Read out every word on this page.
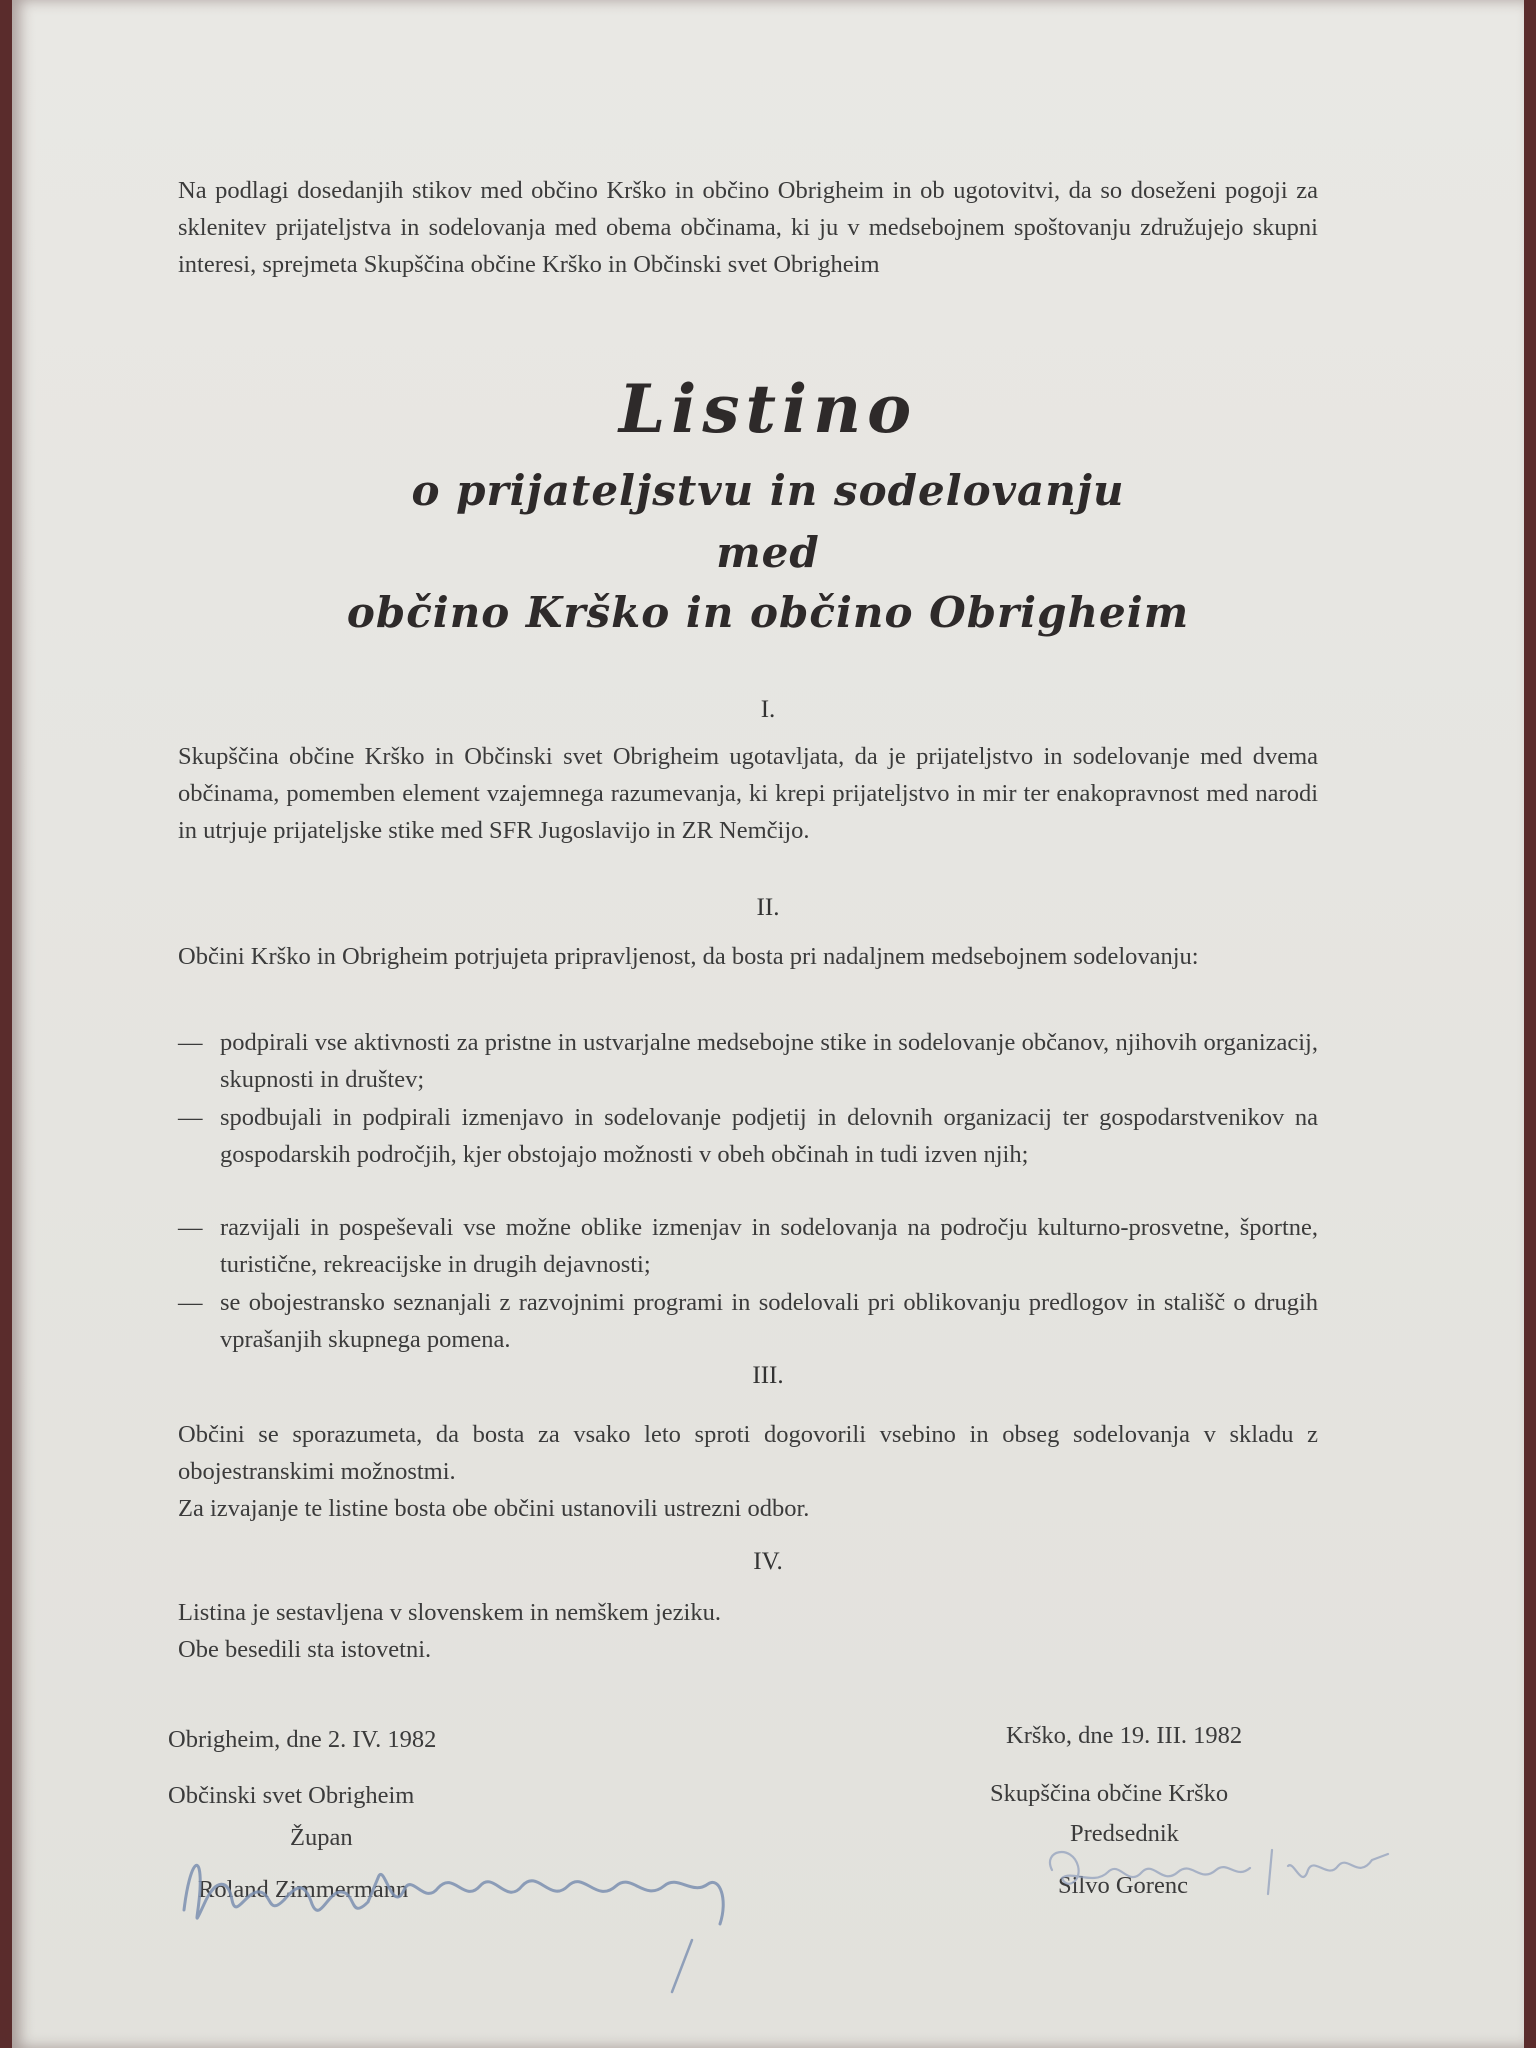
Na podlagi dosedanjih stikov med občino Krško in občino Obrigheim in ob ugotovitvi, da so doseženi pogoji za sklenitev prijateljstva in sodelovanja med obema občinama, ki ju v medsebojnem spoštovanju združujejo skupni interesi, sprejmeta Skupščina občine Krško in Občinski svet Obrigheim

Listino
o prijateljstvu in sodelovanju
med
občino Krško in občino Obrigheim
I.

Skupščina občine Krško in Občinski svet Obrigheim ugotavljata, da je prijateljstvo in sodelovanje med dvema občinama, pomemben element vzajemnega razumevanja, ki krepi prijateljstvo in mir ter enakopravnost med narodi in utrjuje prijateljske stike med SFR Jugoslavijo in ZR Nemčijo.

II.

Občini Krško in Obrigheim potrjujeta pripravljenost, da bosta pri nadaljnem medsebojnem sodelovanju:

— podpirali vse aktivnosti za pristne in ustvarjalne medsebojne stike in sodelovanje občanov, njihovih organizacij, skupnosti in društev;
— spodbujali in podpirali izmenjavo in sodelovanje podjetij in delovnih organizacij ter gospodarstvenikov na gospodarskih področjih, kjer obstojajo možnosti v obeh občinah in tudi izven njih;
— razvijali in pospeševali vse možne oblike izmenjav in sodelovanja na področju kulturno-prosvetne, športne, turistične, rekreacijske in drugih dejavnosti;
— se obojestransko seznanjali z razvojnimi programi in sodelovali pri oblikovanju predlogov in stališč o drugih vprašanjih skupnega pomena.
III.

Občini se sporazumeta, da bosta za vsako leto sproti dogovorili vsebino in obseg sodelovanja v skladu z obojestranskimi možnostmi.

Za izvajanje te listine bosta obe občini ustanovili ustrezni odbor.

IV.

Listina je sestavljena v slovenskem in nemškem jeziku.

Obe besedili sta istovetni.

Obrigheim, dne 2. IV. 1982
Občinski svet Obrigheim
Župan
Roland Zimmermann
Krško, dne 19. III. 1982
Skupščina občine Krško
Predsednik
Silvo Gorenc
